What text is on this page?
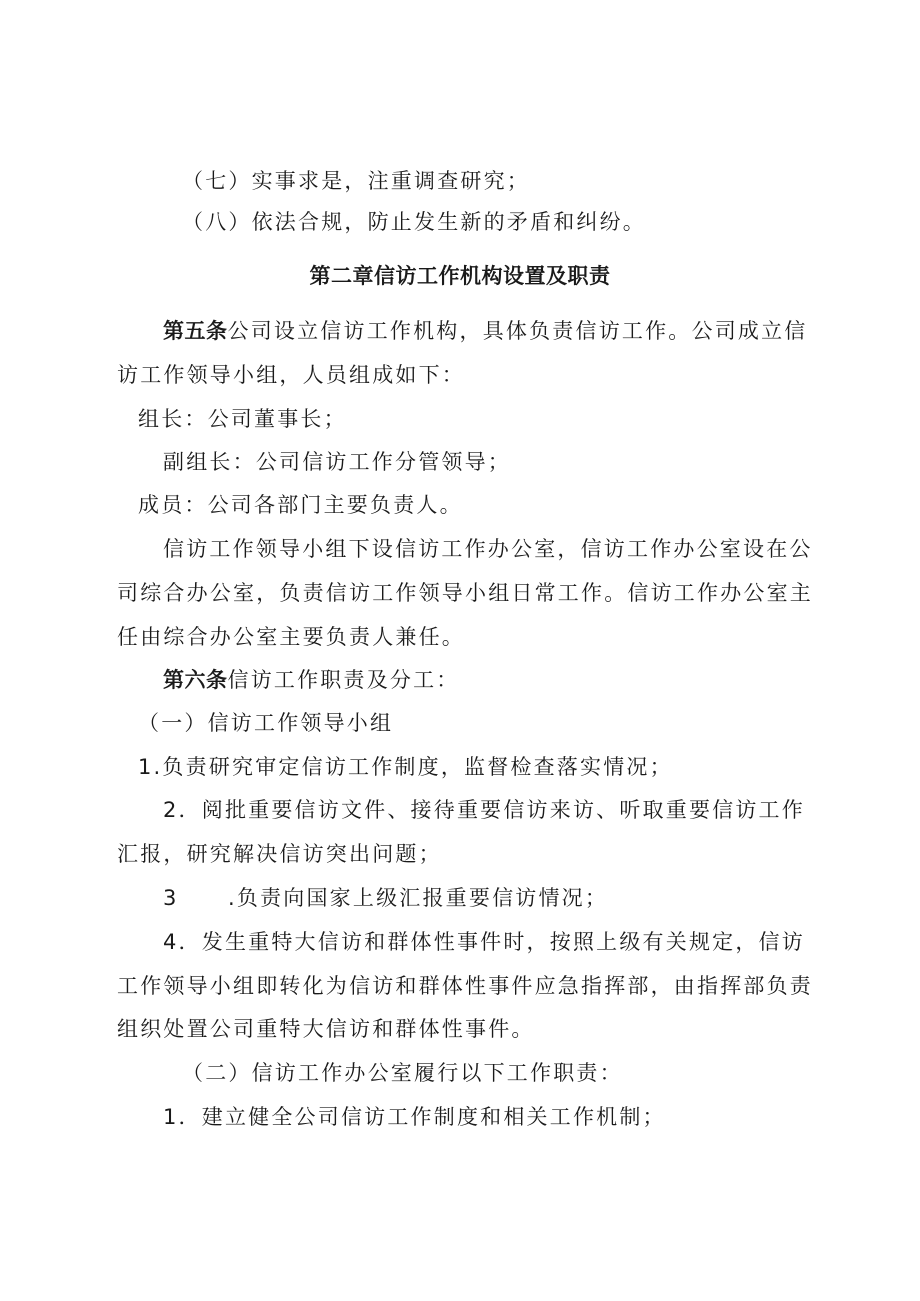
（七）实事求是，注重调查研究；
（八）依法合规，防止发生新的矛盾和纠纷。
第二章信访工作机构设置及职责
第五条公司设立信访工作机构，具体负责信访工作。公司成立信
访工作领导小组，人员组成如下：
组长：公司董事长；
副组长：公司信访工作分管领导；
成员：公司各部门主要负责人。
信访工作领导小组下设信访工作办公室，信访工作办公室设在公
司综合办公室，负责信访工作领导小组日常工作。信访工作办公室主
任由综合办公室主要负责人兼任。
第六条信访工作职责及分工：
（一）信访工作领导小组
1.负责研究审定信访工作制度，监督检查落实情况；
2．阅批重要信访文件、接待重要信访来访、听取重要信访工作
汇报，研究解决信访突出问题；
3 .负责向国家上级汇报重要信访情况；
4．发生重特大信访和群体性事件时，按照上级有关规定，信访
工作领导小组即转化为信访和群体性事件应急指挥部，由指挥部负责
组织处置公司重特大信访和群体性事件。
（二）信访工作办公室履行以下工作职责：
1．建立健全公司信访工作制度和相关工作机制；
